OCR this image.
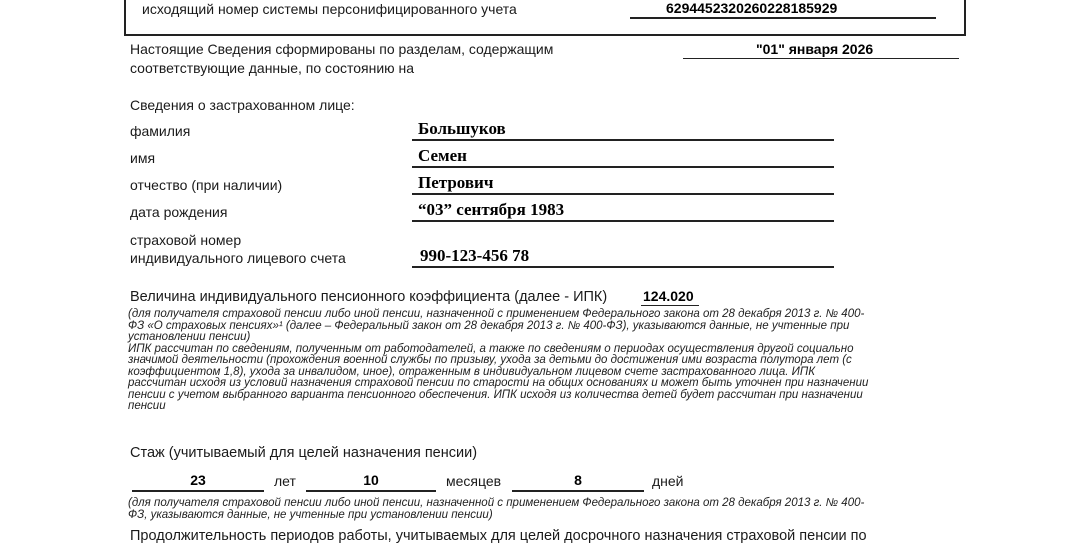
исходящий номер системы персонифицированного учета	6294452320260228185929
Настоящие Сведения сформированы по разделам, содержащим
соответствующие данные, по состоянию на
"01" января 2026
Сведения о застрахованном лице:
фамилия	Большуков
имя	Семен
отчество (при наличии)	Петрович
дата рождения	“03” сентября 1983
страховой номер
индивидуального лицевого счета	990-123-456 78
Величина индивидуального пенсионного коэффициента (далее - ИПК)	124.020
(для получателя страховой пенсии либо иной пенсии, назначенной с применением Федерального закона от 28 декабря 2013 г. № 400-
ФЗ «О страховых пенсиях»¹ (далее – Федеральный закон от 28 декабря 2013 г. № 400-ФЗ), указываются данные, не учтенные при
установлении пенсии)
ИПК рассчитан по сведениям, полученным от работодателей, а также по сведениям о периодах осуществления другой социально
значимой деятельности (прохождения военной службы по призыву, ухода за детьми до достижения ими возраста полутора лет (с
коэффициентом 1,8), ухода за инвалидом, иное), отраженным в индивидуальном лицевом счете застрахованного лица. ИПК
рассчитан исходя из условий назначения страховой пенсии по старости на общих основаниях и может быть уточнен при назначении
пенсии с учетом выбранного варианта пенсионного обеспечения. ИПК исходя из количества детей будет рассчитан при назначении
пенсии
Стаж (учитываемый для целей назначения пенсии)
23	лет	10	месяцев	8	дней
(для получателя страховой пенсии либо иной пенсии, назначенной с применением Федерального закона от 28 декабря 2013 г. № 400-
ФЗ, указываются данные, не учтенные при установлении пенсии)
Продолжительность периодов работы, учитываемых для целей досрочного назначения страховой пенсии по
